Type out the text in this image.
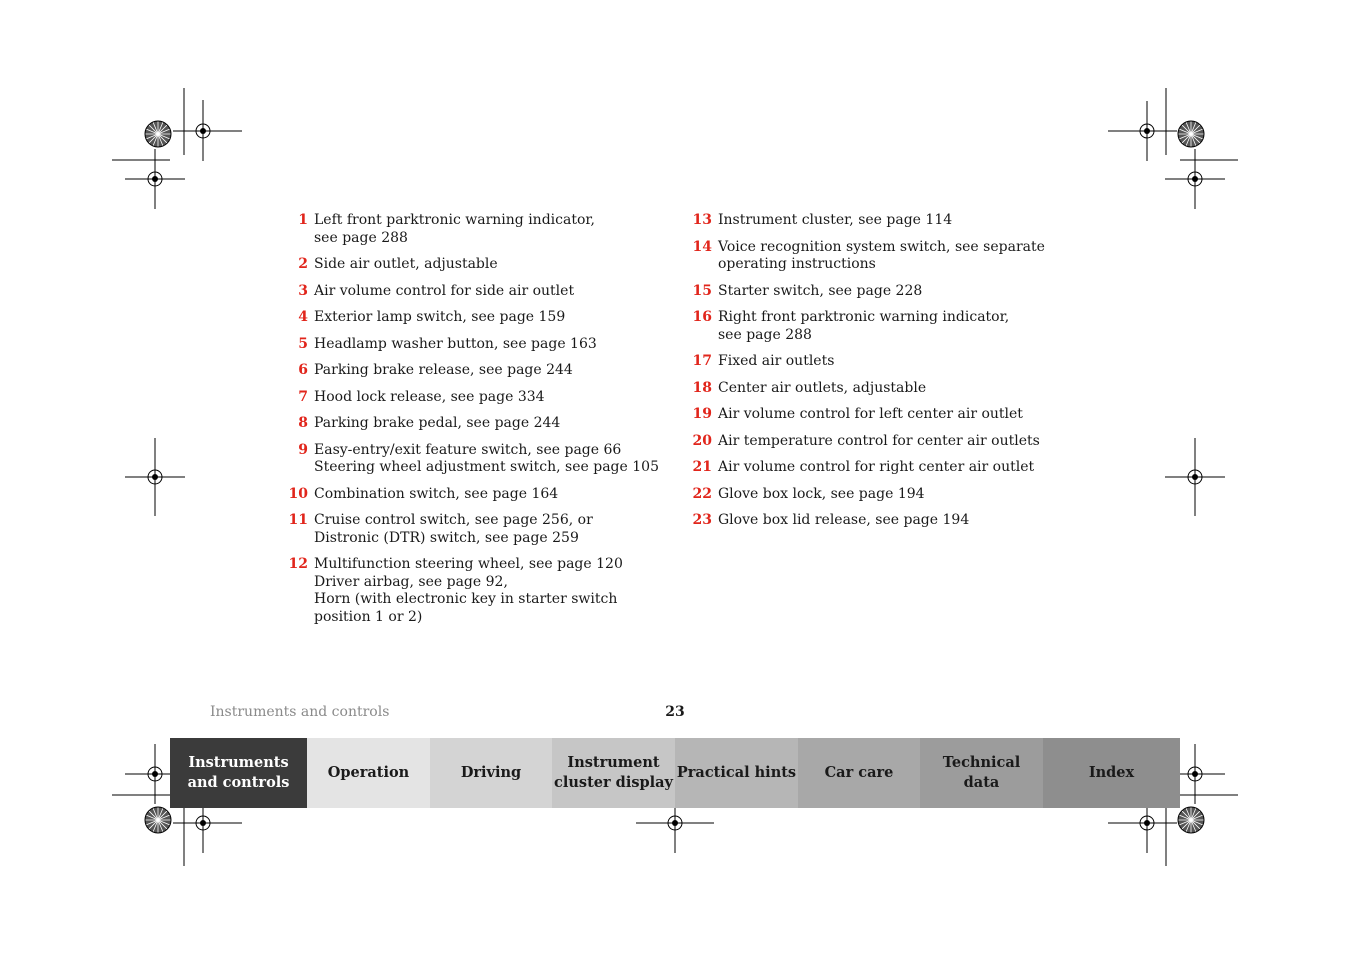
1 Left front parktronic warning indicator,
see page 288
2 Side air outlet, adjustable
3 Air volume control for side air outlet
4 Exterior lamp switch, see page 159
5 Headlamp washer button, see page 163
6 Parking brake release, see page 244
7 Hood lock release, see page 334
8 Parking brake pedal, see page 244
9 Easy-entry/exit feature switch, see page 66
Steering wheel adjustment switch, see page 105
10 Combination switch, see page 164
11 Cruise control switch, see page 256, or
Distronic (DTR) switch, see page 259
12 Multifunction steering wheel, see page 120
Driver airbag, see page 92,
Horn (with electronic key in starter switch
position 1 or 2)
13 Instrument cluster, see page 114
14 Voice recognition system switch, see separate
operating instructions
15 Starter switch, see page 228
16 Right front parktronic warning indicator,
see page 288
17 Fixed air outlets
18 Center air outlets, adjustable
19 Air volume control for left center air outlet
20 Air temperature control for center air outlets
21 Air volume control for right center air outlet
22 Glove box lock, see page 194
23 Glove box lid release, see page 194
Instruments and controls	23
Instruments
and controls
Operation	Driving
Instrument
cluster display
Practical hints Car care
Technical
data
Index
